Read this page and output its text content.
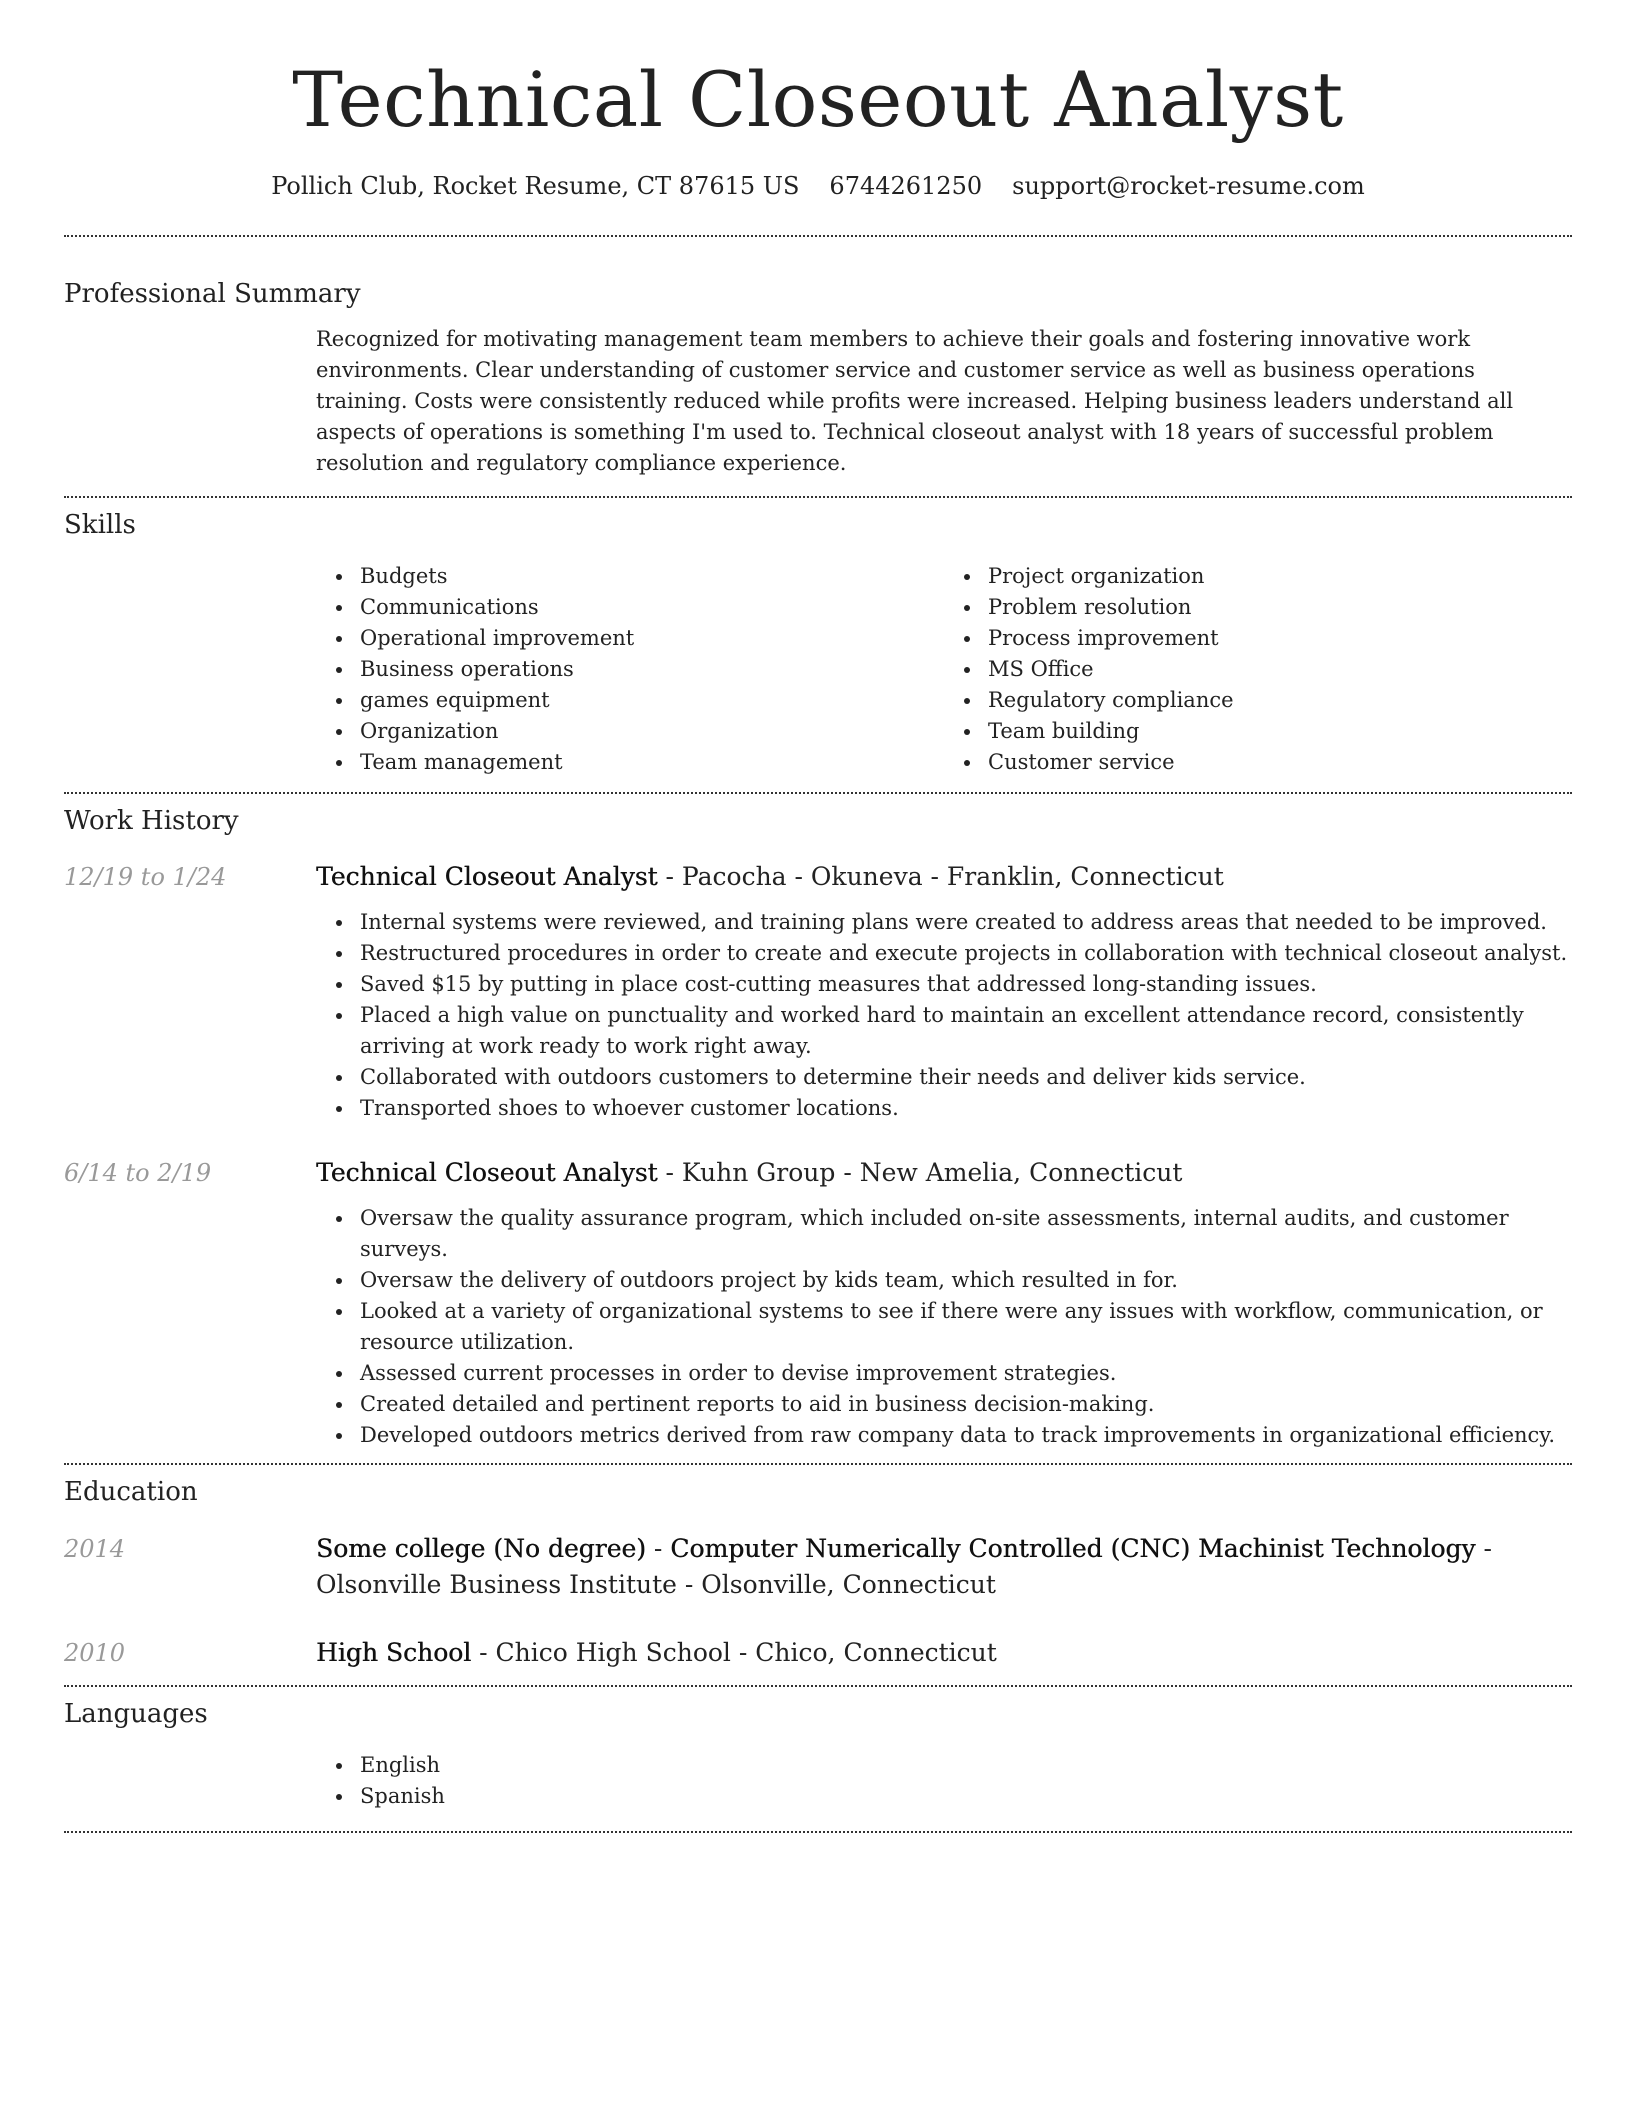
Technical Closeout Analyst
Pollich Club, Rocket Resume, CT 87615 US 6744261250 support@rocket-resume.com
Professional Summary

Recognized for motivating management team members to achieve their goals and fostering innovative work environments. Clear understanding of customer service and customer service as well as business operations training. Costs were consistently reduced while profits were increased. Helping business leaders understand all aspects of operations is something I'm used to. Technical closeout analyst with 18 years of successful problem resolution and regulatory compliance experience.

Skills
Budgets
Communications
Operational improvement
Business operations
games equipment
Organization
Team management
Project organization
Problem resolution
Process improvement
MS Office
Regulatory compliance
Team building
Customer service
Work History
12/19 to 1/24	Technical Closeout Analyst - Pacocha - Okuneva - Franklin, Connecticut
Internal systems were reviewed, and training plans were created to address areas that needed to be improved.
Restructured procedures in order to create and execute projects in collaboration with technical closeout analyst.
Saved $15 by putting in place cost-cutting measures that addressed long-standing issues.
Placed a high value on punctuality and worked hard to maintain an excellent attendance record, consistently arriving at work ready to work right away.
Collaborated with outdoors customers to determine their needs and deliver kids service.
Transported shoes to whoever customer locations.
6/14 to 2/19	Technical Closeout Analyst - Kuhn Group - New Amelia, Connecticut
Oversaw the quality assurance program, which included on-site assessments, internal audits, and customer surveys.
Oversaw the delivery of outdoors project by kids team, which resulted in for.
Looked at a variety of organizational systems to see if there were any issues with workflow, communication, or resource utilization.
Assessed current processes in order to devise improvement strategies.
Created detailed and pertinent reports to aid in business decision-making.
Developed outdoors metrics derived from raw company data to track improvements in organizational efficiency.
Education
2014	Some college (No degree) - Computer Numerically Controlled (CNC) Machinist Technology - Olsonville Business Institute - Olsonville, Connecticut
2010	High School - Chico High School - Chico, Connecticut
Languages
English
Spanish
